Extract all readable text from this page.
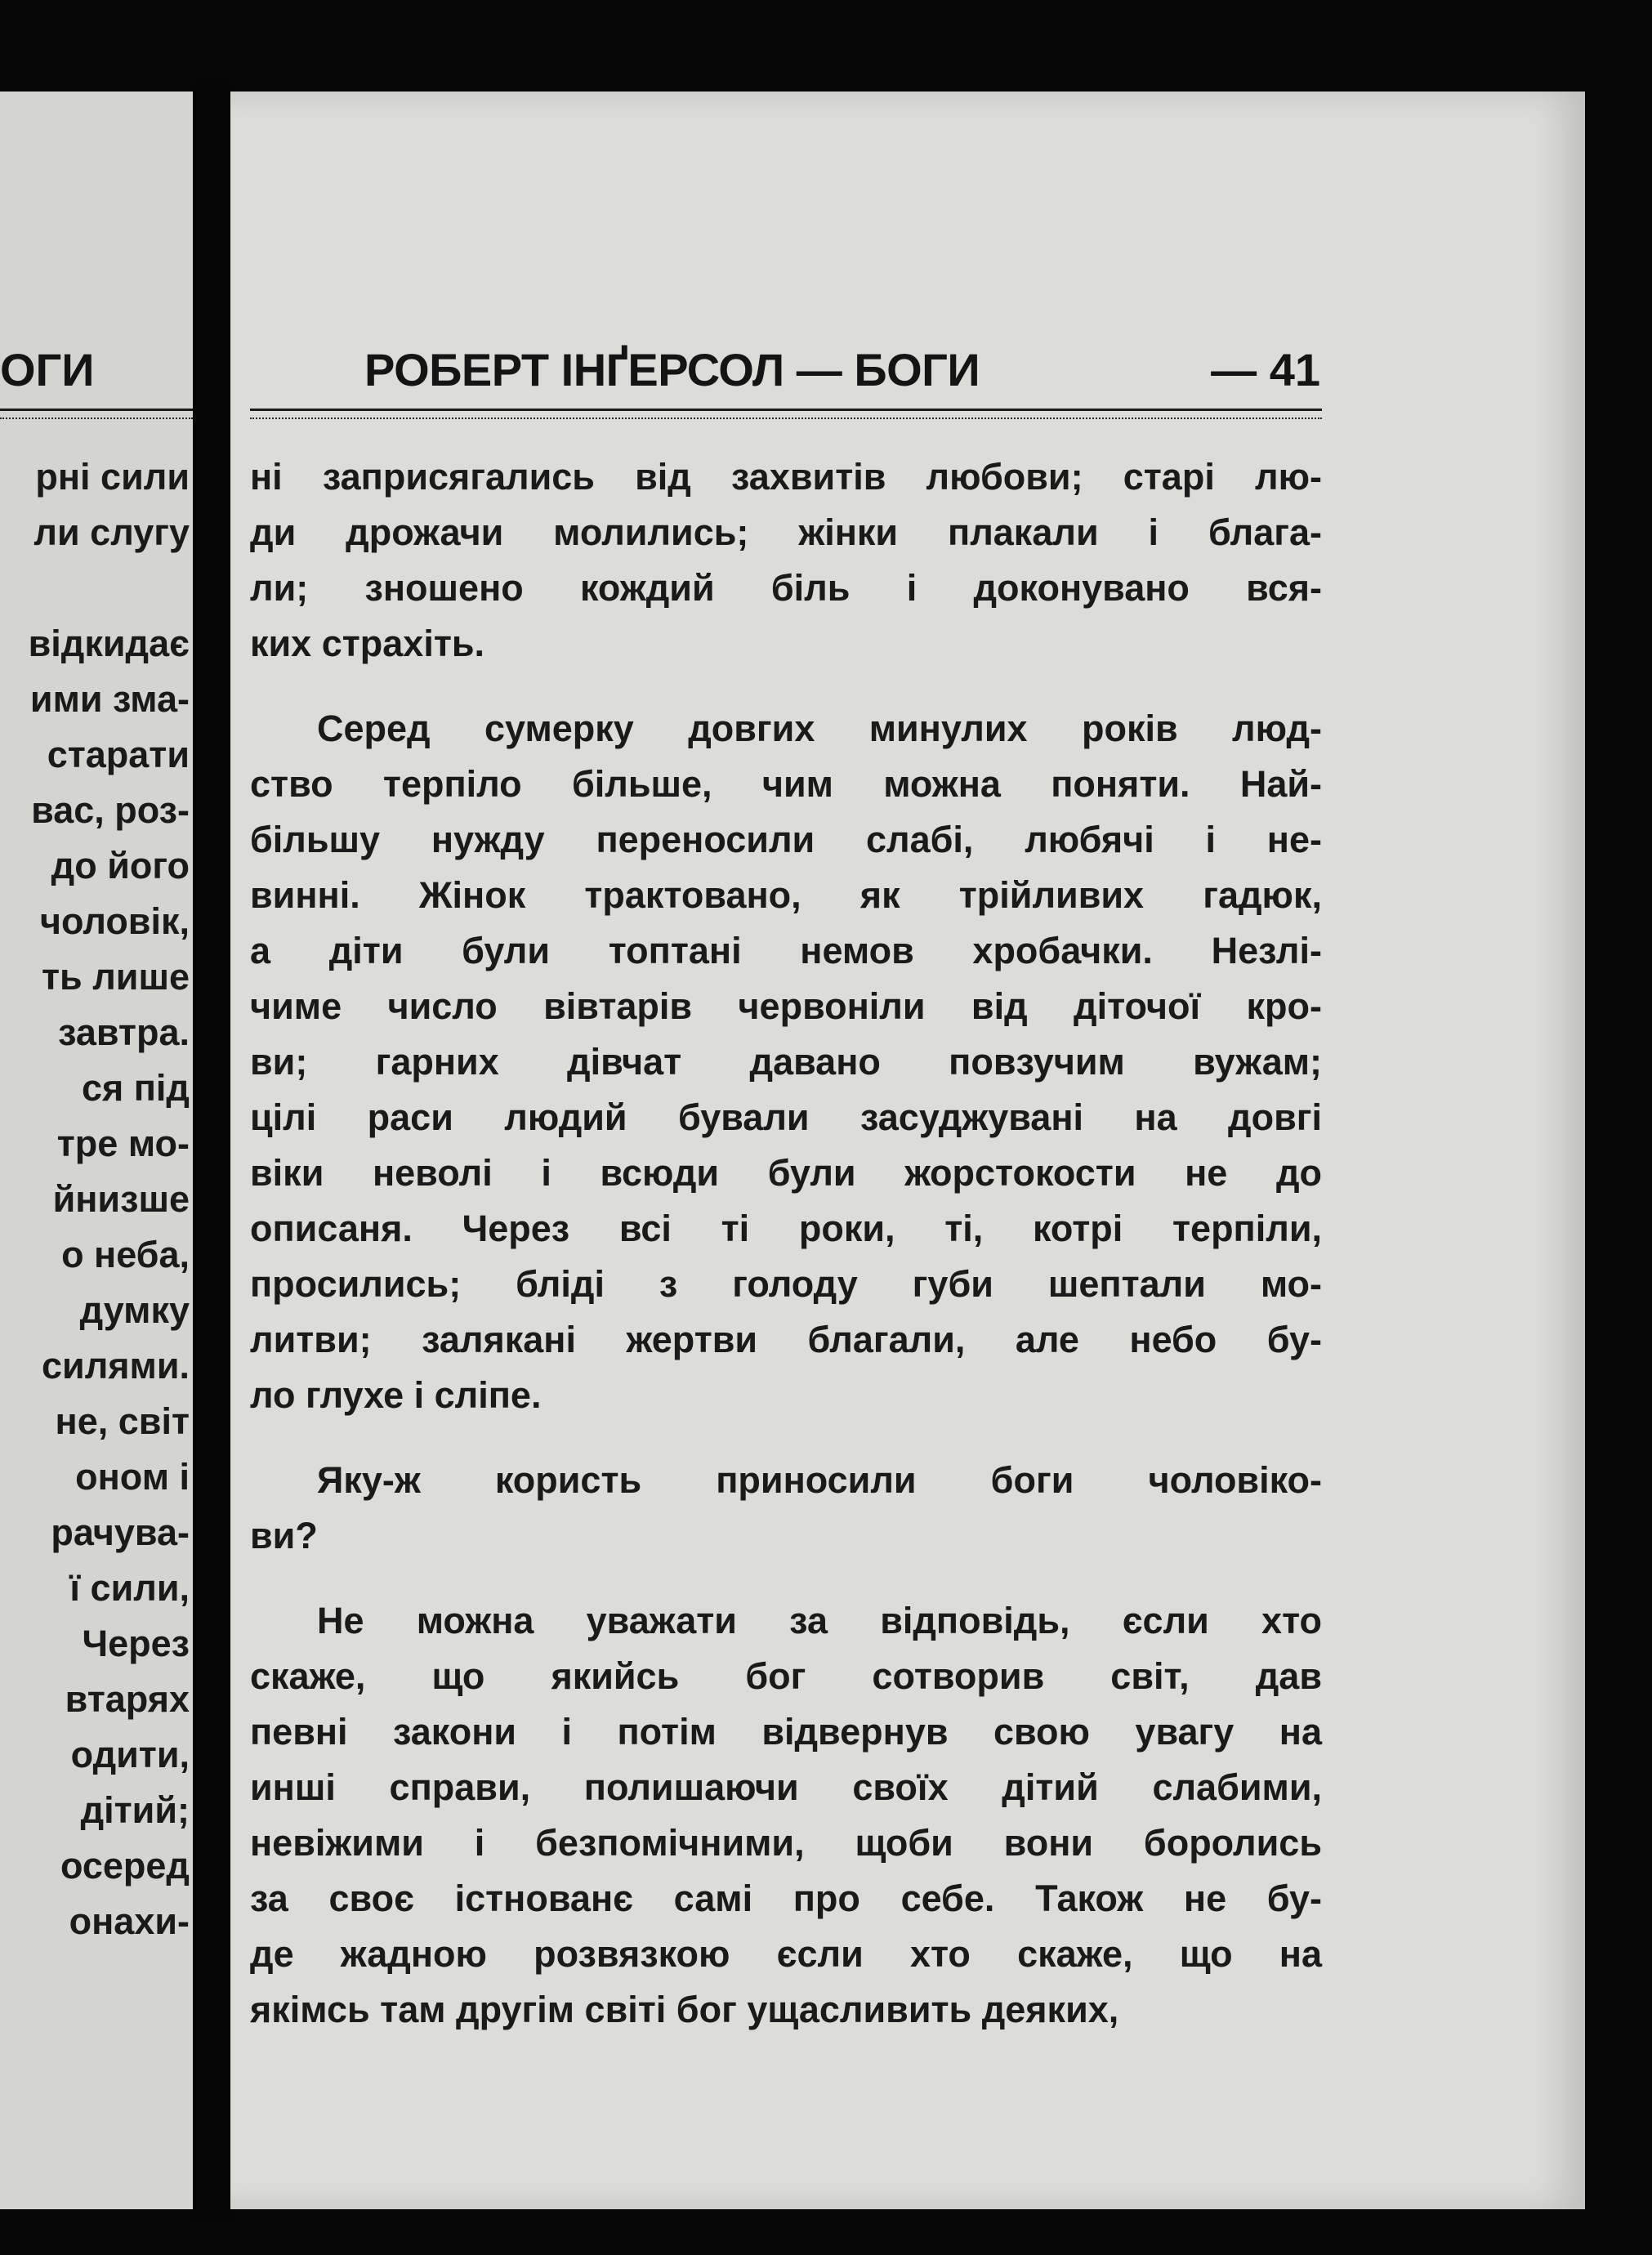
ОГИ
рні сили
ли слугу
відкидає
ими зма-
старати
вас, роз-
до його
чоловік,
ть лише
завтра.
ся під
тре мо-
йнизше
о неба,
думку
силями.
не, світ
оном і
рачува-
ї сили,
Через
втарях
одити,
дітий;
осеред
онахи-
РОБЕРТ ІНҐЕРСОЛ — БОГИ	— 41
ні заприсягались від захвитів любови; старі лю-
ди дрожачи молились; жінки плакали і блага-
ли; зношено кождий біль і доконувано вся-
ких страхіть.
Серед сумерку довгих минулих років люд-
ство терпіло більше, чим можна поняти. Най-
більшу нужду переносили слабі, любячі і не-
винні. Жінок трактовано, як трійливих гадюк,
а діти були топтані немов хробачки. Незлі-
чиме число вівтарів червоніли від діточої кро-
ви; гарних дівчат давано повзучим вужам;
цілі раси людий бували засуджувані на довгі
віки неволі і всюди були жорстокости не до
описаня. Через всі ті роки, ті, котрі терпіли,
просились; бліді з голоду губи шептали мо-
литви; залякані жертви благали, але небо бу-
ло глухе і сліпе.
Яку-ж користь приносили боги чоловіко-
ви?
Не можна уважати за відповідь, єсли хто
скаже, що якийсь бог сотворив світ, дав
певні закони і потім відвернув свою увагу на
инші справи, полишаючи своїх дітий слабими,
невіжими і безпомічними, щоби вони боролись
за своє істнованє самі про себе. Також не бу-
де жадною розвязкою єсли хто скаже, що на
якімсь там другім світі бог ущасливить деяких,
